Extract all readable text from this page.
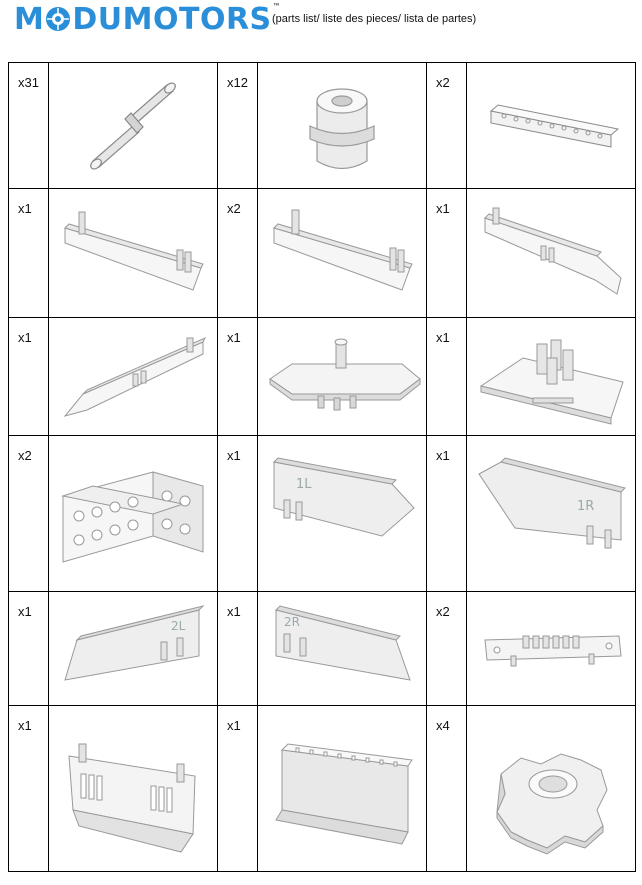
M DUMOTORS™
(parts list/ liste des pieces/ lista de partes)
x31		x12		x2

x1		x2		x1

x1		x1		x1

x2		x1	1L	x1	1R

x1	2L	x1	2R	x2

x1		x1		x4
